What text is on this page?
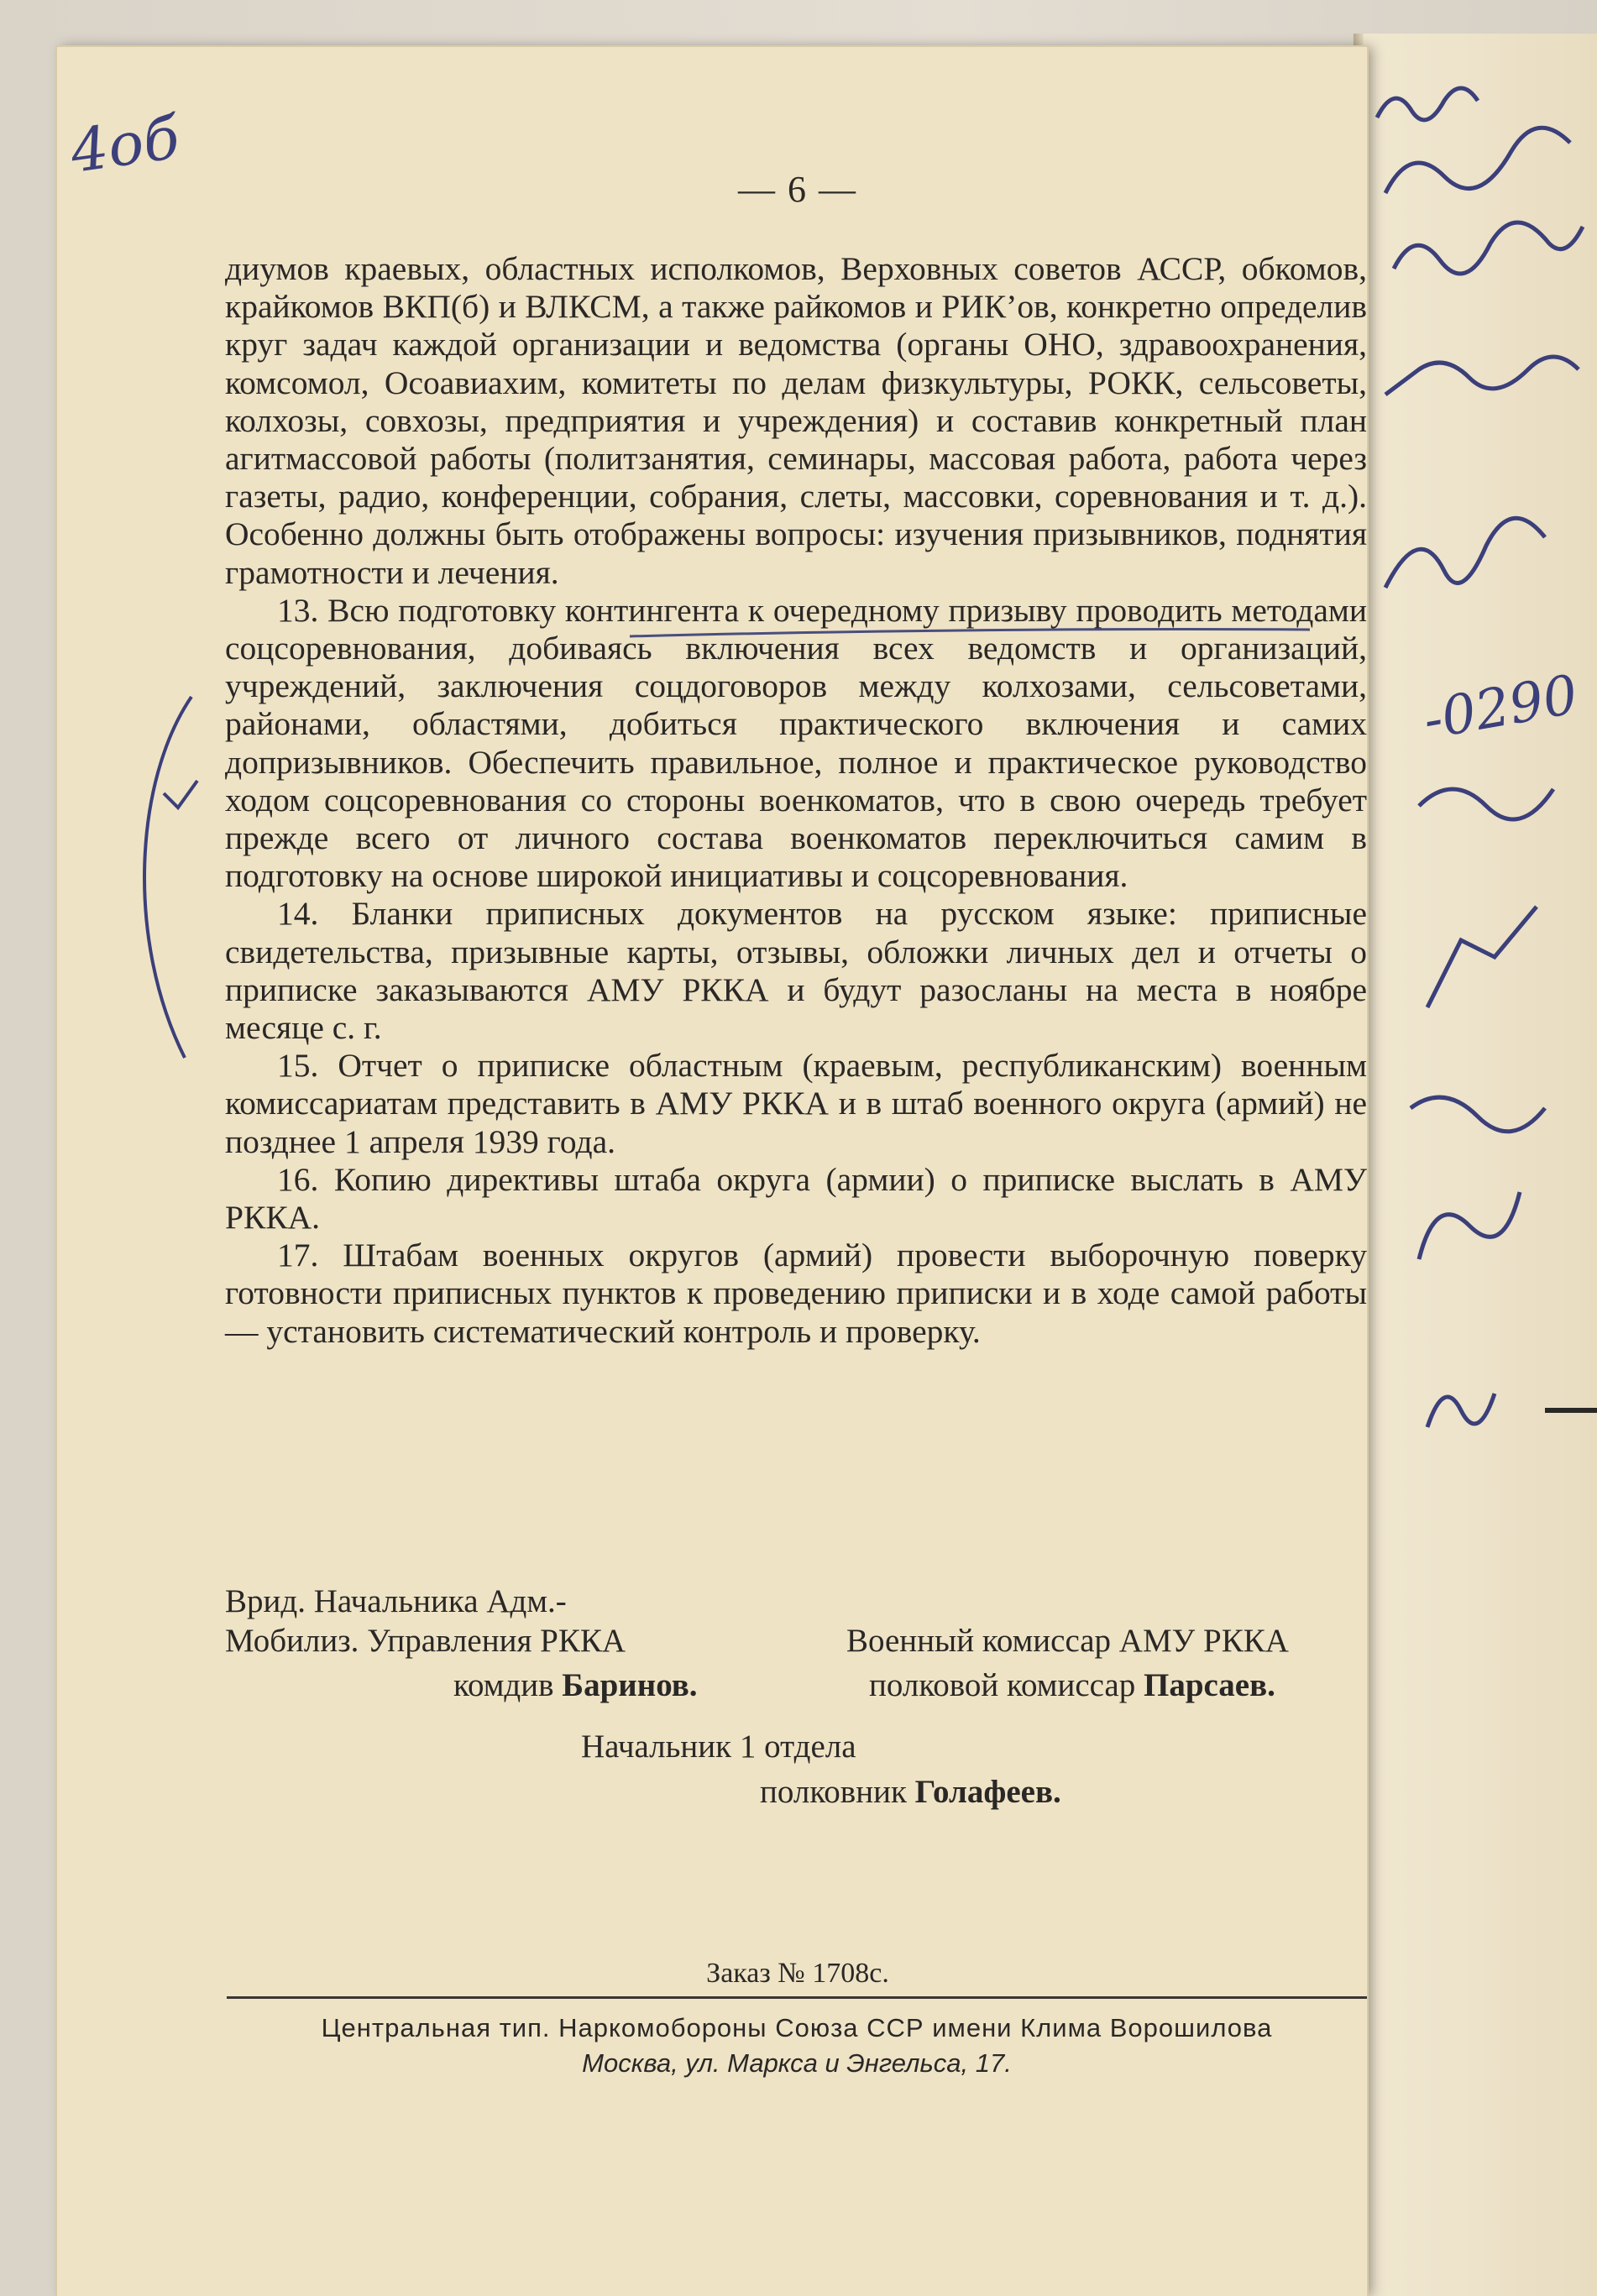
— 6 —

диумов краевых, областных исполкомов, Верховных советов АССР, обкомов, крайкомов ВКП(б) и ВЛКСМ, а также райкомов и РИК’ов, конкретно определив круг задач каждой организации и ведомства (органы ОНО, здравоохранения, комсомол, Осоавиахим, комитеты по делам физкультуры, РОКК, сельсоветы, колхозы, совхозы, предприятия и учреждения) и составив конкретный план агитмассовой работы (политзанятия, семинары, массовая работа, работа через газеты, радио, конференции, собрания, слеты, массовки, соревнования и т. д.). Особенно должны быть отображены вопросы: изучения призывников, поднятия грамотности и лечения.

13. Всю подготовку контингента к очередному призыву проводить методами соцсоревнования, добиваясь включения всех ведомств и организаций, учреждений, заключения соцдоговоров между колхозами, сельсоветами, районами, областями, добиться практического включения и самих допризывников. Обеспечить правильное, полное и практическое руководство ходом соцсоревнования со стороны военкоматов, что в свою очередь требует прежде всего от личного состава военкоматов переключиться самим в подготовку на основе широкой инициативы и соцсоревнования.

14. Бланки приписных документов на русском языке: приписные свидетельства, призывные карты, отзывы, обложки личных дел и отчеты о приписке заказываются АМУ РККА и будут разосланы на места в ноябре месяце с. г.

15. Отчет о приписке областным (краевым, республиканским) военным комиссариатам представить в АМУ РККА и в штаб военного округа (армий) не позднее 1 апреля 1939 года.

16. Копию директивы штаба округа (армии) о приписке выслать в АМУ РККА.

17. Штабам военных округов (армий) провести выборочную поверку готовности приписных пунктов к проведению приписки и в ходе самой работы — установить систематический контроль и проверку.

Врид. Начальника Адм.-
Мобилиз. Управления РККА
комдив Баринов.
Военный комиссар АМУ РККА
полковой комиссар Парсаев.
Начальник 1 отдела
полковник Голафеев.
Заказ № 1708с.
Центральная тип. Наркомобороны Союза ССР имени Клима Ворошилова
Москва, ул. Маркса и Энгельса, 17.
4об
-0290
